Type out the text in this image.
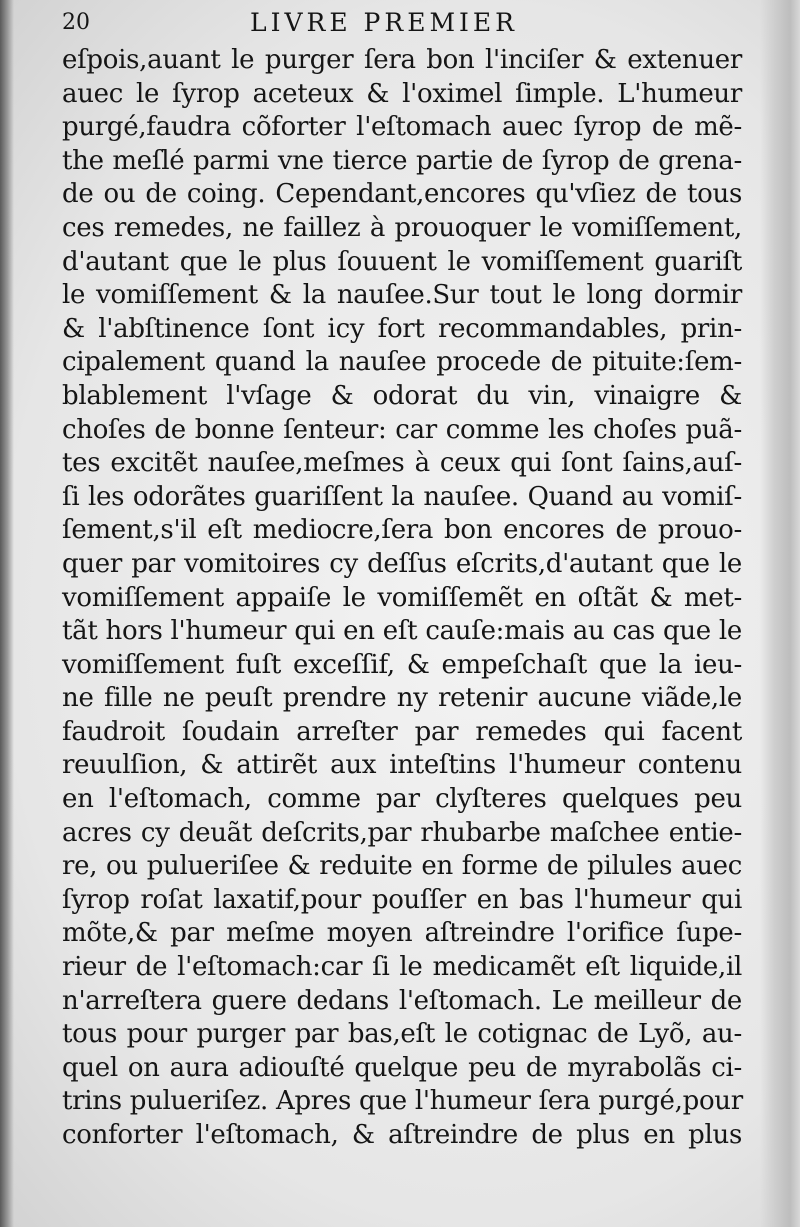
20	LIVRE PREMIER
eſpois,auant le purger ſera bon l'inciſer & extenuer
auec le ſyrop aceteux & l'oximel ſimple. L'humeur
purgé,faudra cõforter l'eſtomach auec ſyrop de mẽ-
the meſlé parmi vne tierce partie de ſyrop de grena-
de ou de coing. Cependant,encores qu'vſiez de tous
ces remedes, ne faillez à prouoquer le vomiſſement,
d'autant que le plus ſouuent le vomiſſement guariſt
le vomiſſement & la nauſee.Sur tout le long dormir
& l'abſtinence ſont icy fort recommandables, prin-
cipalement quand la nauſee procede de pituite:ſem-
blablement l'vſage & odorat du vin, vinaigre &
choſes de bonne ſenteur: car comme les choſes puã-
tes excitẽt nauſee,meſmes à ceux qui ſont ſains,auſ-
ſi les odorãtes guariſſent la nauſee. Quand au vomiſ-
ſement,s'il eſt mediocre,ſera bon encores de prouo-
quer par vomitoires cy deſſus eſcrits,d'autant que le
vomiſſement appaiſe le vomiſſemẽt en oſtãt & met-
tãt hors l'humeur qui en eſt cauſe:mais au cas que le
vomiſſement fuſt exceſſif, & empeſchaſt que la ieu-
ne fille ne peuſt prendre ny retenir aucune viãde,le
faudroit ſoudain arreſter par remedes qui facent
reuulſion, & attirẽt aux inteſtins l'humeur contenu
en l'eſtomach, comme par clyſteres quelques peu
acres cy deuãt deſcrits,par rhubarbe maſchee entie-
re, ou pulueriſee & reduite en forme de pilules auec
ſyrop roſat laxatif,pour pouſſer en bas l'humeur qui
mõte,& par meſme moyen aſtreindre l'orifice ſupe-
rieur de l'eſtomach:car ſi le medicamẽt eſt liquide,il
n'arreſtera guere dedans l'eſtomach. Le meilleur de
tous pour purger par bas,eſt le cotignac de Lyõ, au-
quel on aura adiouſté quelque peu de myrabolãs ci-
trins pulueriſez. Apres que l'humeur ſera purgé,pour
conforter l'eſtomach, & aſtreindre de plus en plus
